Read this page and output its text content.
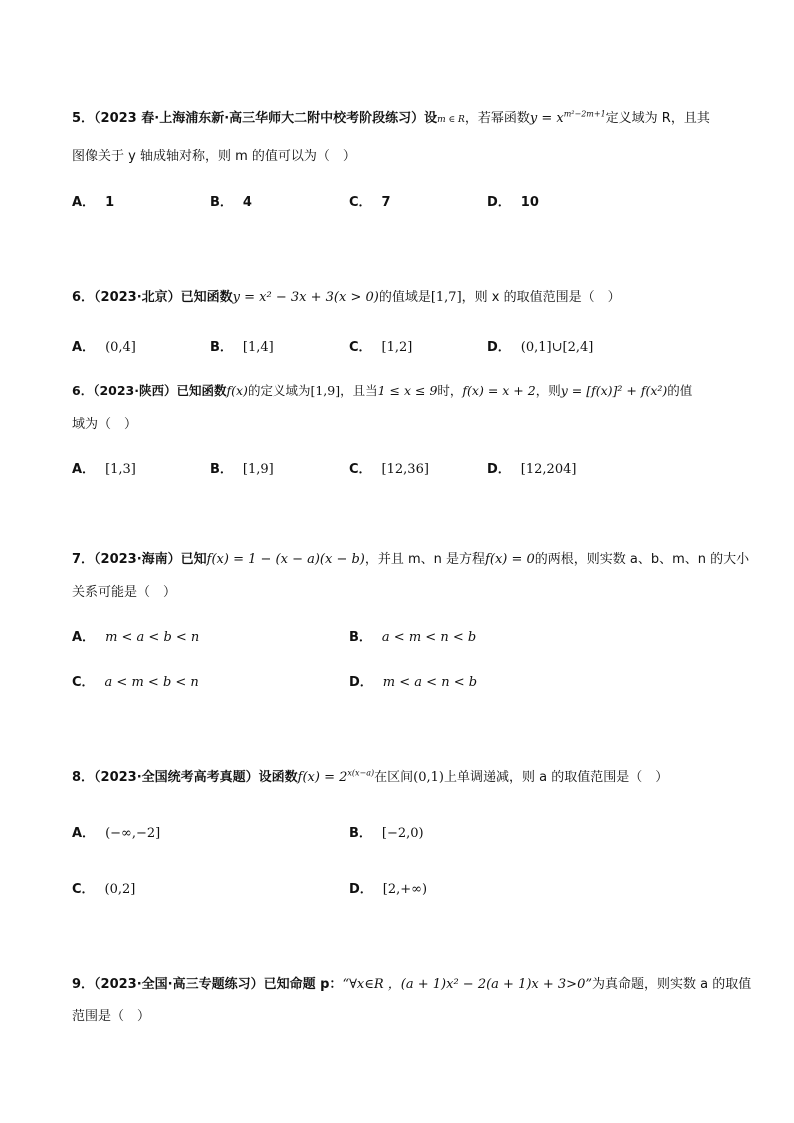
5．（2023 春·上海浦东新·高三华师大二附中校考阶段练习）设m ∈ R，若幂函数$y = x^{m^2-2m+1}$定义域为 R，且其
图像关于 y 轴成轴对称，则 m 的值可以为（　）
A． 1	B． 4	C． 7	D． 10
6．（2023·北京）已知函数y = x² − 3x + 3(x > 0)的值域是[1,7]，则 x 的取值范围是（　）
A． (0,4]	B． [1,4]	C． [1,2]	D． (0,1]∪[2,4]
6．（2023·陕西）已知函数f(x)的定义域为[1,9]，且当1 ≤ x ≤ 9时，f(x) = x + 2，则y = [f(x)]² + f(x²)的值
域为（　）
A． [1,3]	B． [1,9]	C． [12,36]	D． [12,204]
7．（2023·海南）已知f(x) = 1 − (x − a)(x − b)，并且 m、n 是方程f(x) = 0的两根，则实数 a、b、m、n 的大小
关系可能是（　）
A． m < a < b < n	B． a < m < n < b
C． a < m < b < n	D． m < a < n < b
8．（2023·全国统考高考真题）设函数$f(x) = 2^{x(x-a)}$在区间(0,1)上单调递减，则 a 的取值范围是（　）
A． (−∞,−2]	B． [−2,0)
C． (0,2]	D． [2,+∞)
9．（2023·全国·高三专题练习）已知命题 p：“∀x∈R ，(a + 1)x² − 2(a + 1)x + 3>0”为真命题，则实数 a 的取值
范围是（　）
